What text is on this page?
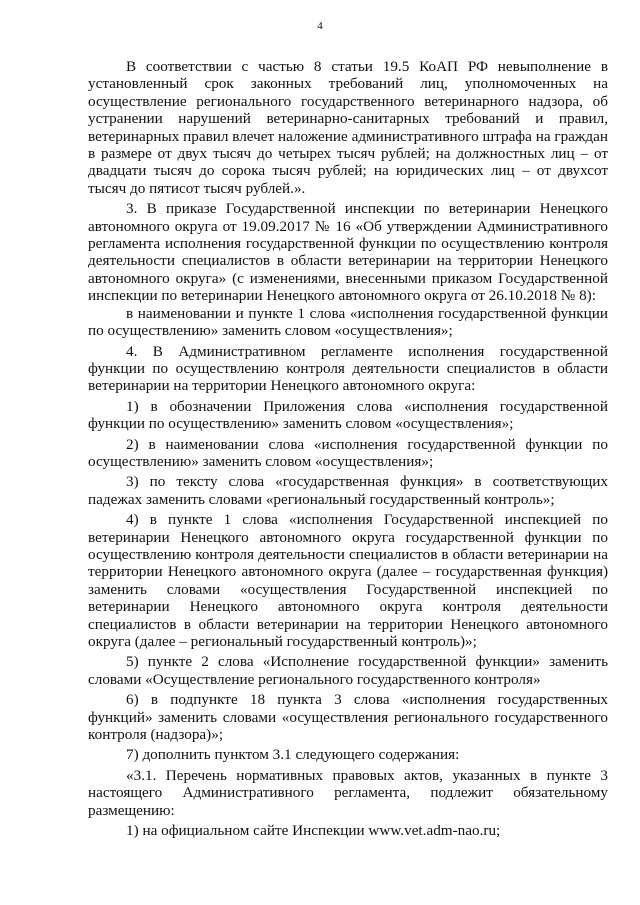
4

В соответствии с частью 8 статьи 19.5 КоАП РФ невыполнение в установленный срок законных требований лиц, уполномоченных на осуществление регионального государственного ветеринарного надзора, об устранении нарушений ветеринарно-санитарных требований и правил, ветеринарных правил влечет наложение административного штрафа на граждан в размере от двух тысяч до четырех тысяч рублей; на должностных лиц – от двадцати тысяч до сорока тысяч рублей; на юридических лиц – от двухсот тысяч до пятисот тысяч рублей.».

3. В приказе Государственной инспекции по ветеринарии Ненецкого автономного округа от 19.09.2017 № 16 «Об утверждении Административного регламента исполнения государственной функции по осуществлению контроля деятельности специалистов в области ветеринарии на территории Ненецкого автономного округа» (с изменениями, внесенными приказом Государственной инспекции по ветеринарии Ненецкого автономного округа от 26.10.2018 № 8):

в наименовании и пункте 1 слова «исполнения государственной функции по осуществлению» заменить словом «осуществления»;

4. В Административном регламенте исполнения государственной функции по осуществлению контроля деятельности специалистов в области ветеринарии на территории Ненецкого автономного округа:

1) в обозначении Приложения слова «исполнения государственной функции по осуществлению» заменить словом «осуществления»;

2) в наименовании слова «исполнения государственной функции по осуществлению» заменить словом «осуществления»;

3) по тексту слова «государственная функция» в соответствующих падежах заменить словами «региональный государственный контроль»;

4) в пункте 1 слова «исполнения Государственной инспекцией по ветеринарии Ненецкого автономного округа государственной функции по осуществлению контроля деятельности специалистов в области ветеринарии на территории Ненецкого автономного округа (далее – государственная функция) заменить словами «осуществления Государственной инспекцией по ветеринарии Ненецкого автономного округа контроля деятельности специалистов в области ветеринарии на территории Ненецкого автономного округа (далее – региональный государственный контроль)»;

5) пункте 2 слова «Исполнение государственной функции» заменить словами «Осуществление регионального государственного контроля»

6) в подпункте 18 пункта 3 слова «исполнения государственных функций» заменить словами «осуществления регионального государственного контроля (надзора)»;

7) дополнить пунктом 3.1 следующего содержания:

«3.1. Перечень нормативных правовых актов, указанных в пункте 3 настоящего Административного регламента, подлежит обязательному размещению:

1) на официальном сайте Инспекции www.vet.adm-nao.ru;
